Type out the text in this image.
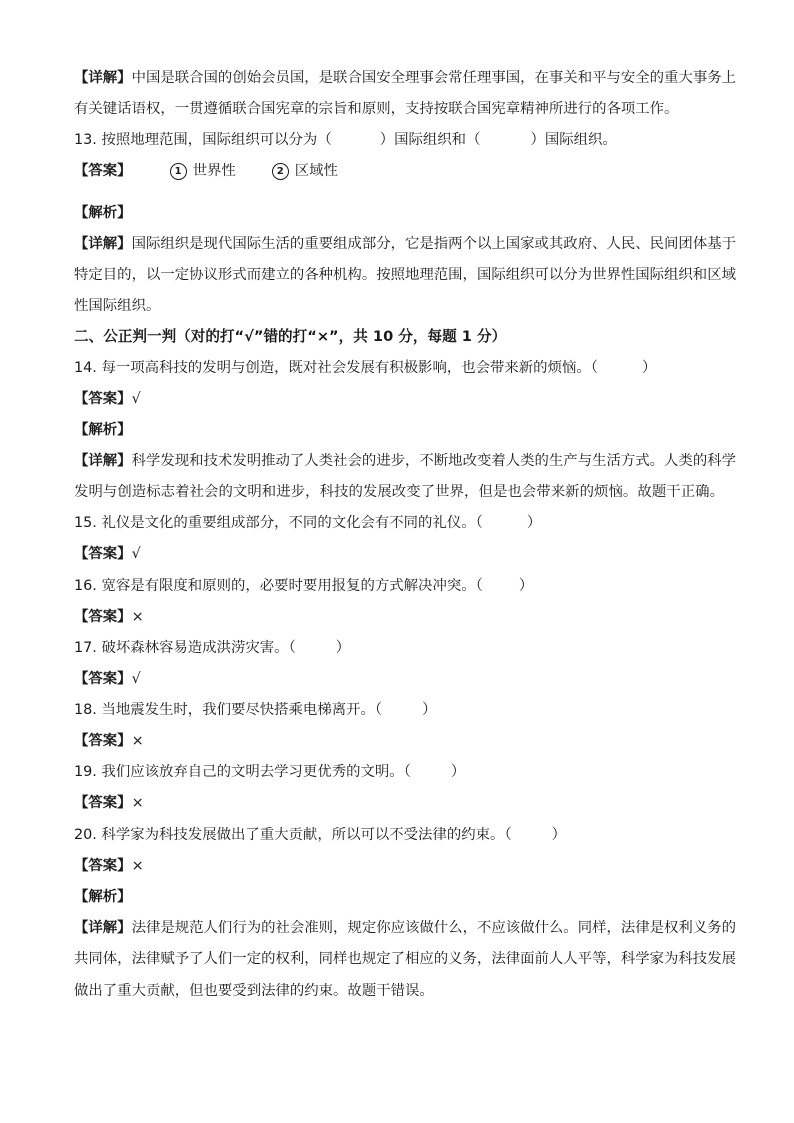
【详解】中国是联合国的创始会员国，是联合国安全理事会常任理事国，在事关和平与安全的重大事务上
有关键话语权，一贯遵循联合国宪章的宗旨和原则，支持按联合国宪章精神所进行的各项工作。
13. 按照地理范围，国际组织可以分为（	）国际组织和（	）国际组织。
【答案】	1 世界性	2 区域性
【解析】
【详解】国际组织是现代国际生活的重要组成部分，它是指两个以上国家或其政府、人民、民间团体基于
特定目的，以一定协议形式而建立的各种机构。按照地理范围，国际组织可以分为世界性国际组织和区域
性国际组织。
二、公正判一判（对的打“√”错的打“×”，共 10 分，每题 1 分）
14. 每一项高科技的发明与创造，既对社会发展有积极影响，也会带来新的烦恼。（	）
【答案】√
【解析】
【详解】科学发现和技术发明推动了人类社会的进步，不断地改变着人类的生产与生活方式。人类的科学
发明与创造标志着社会的文明和进步，科技的发展改变了世界，但是也会带来新的烦恼。故题干正确。
15. 礼仪是文化的重要组成部分，不同的文化会有不同的礼仪。（	）
【答案】√
16. 宽容是有限度和原则的，必要时要用报复的方式解决冲突。（	）
【答案】×
17. 破坏森林容易造成洪涝灾害。（	）
【答案】√
18. 当地震发生时，我们要尽快搭乘电梯离开。（	）
【答案】×
19. 我们应该放弃自己的文明去学习更优秀的文明。（	）
【答案】×
20. 科学家为科技发展做出了重大贡献，所以可以不受法律的约束。（	）
【答案】×
【解析】
【详解】法律是规范人们行为的社会准则，规定你应该做什么，不应该做什么。同样，法律是权利义务的
共同体，法律赋予了人们一定的权利，同样也规定了相应的义务，法律面前人人平等，科学家为科技发展
做出了重大贡献，但也要受到法律的约束。故题干错误。
